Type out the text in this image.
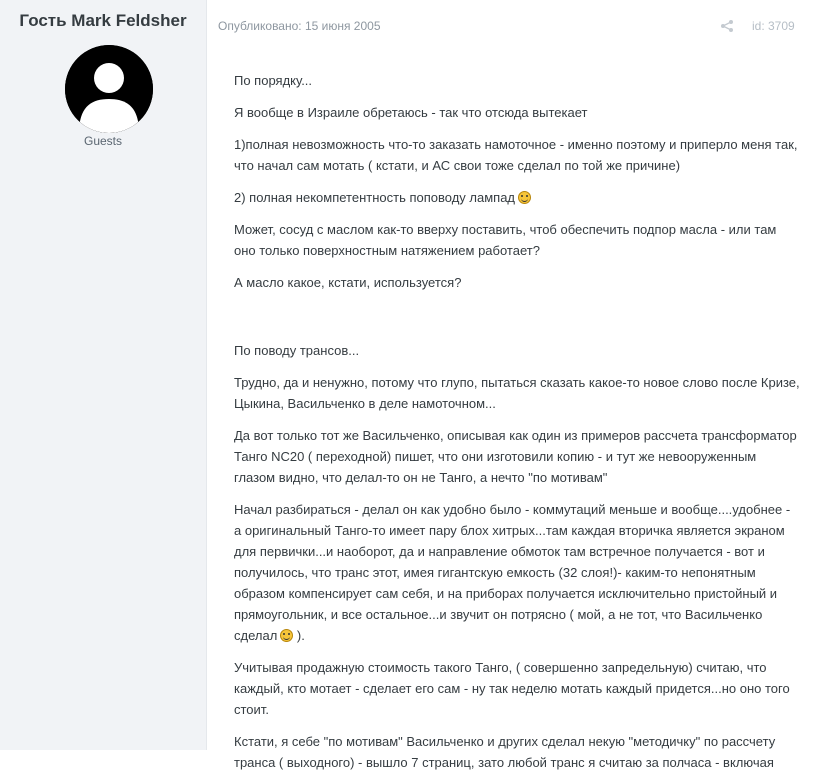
Гость Mark Feldsher
Guests
Опубликовано: 15 июня 2005	id: 3709

По порядку...

Я вообще в Израиле обретаюсь - так что отсюда вытекает

1)полная невозможность что-то заказать намоточное - именно поэтому и приперло меня так, что начал сам мотать ( кстати, и АС свои тоже сделал по той же причине)

2) полная некомпетентность поповоду лампад

Может, сосуд с маслом как-то вверху поставить, чтоб обеспечить подпор масла - или там оно только поверхностным натяжением работает?

А масло какое, кстати, используется?

По поводу трансов...

Трудно, да и ненужно, потому что глупо, пытаться сказать какое-то новое слово после Кризе, Цыкина, Васильченко в деле намоточном...

Да вот только тот же Васильченко, описывая как один из примеров рассчета трансформатор Танго NC20 ( переходной) пишет, что они изготовили копию - и тут же невооруженным глазом видно, что делал-то он не Танго, а нечто "по мотивам"

Начал разбираться - делал он как удобно было - коммутаций меньше и вообще....удобнее - а оригинальный Танго-то имеет пару блох хитрых...там каждая вторичка является экраном для первички...и наоборот, да и направление обмоток там встречное получается - вот и получилось, что транс этот, имея гигантскую емкость (32 слоя!)- каким-то непонятным образом компенсирует сам себя, и на приборах получается исключительно пристойный и прямоугольник, и все остальное...и звучит он потрясно ( мой, а не тот, что Васильченко сделал ).

Учитывая продажную стоимость такого Танго, ( совершенно запредельную) считаю, что каждый, кто мотает - сделает его сам - ну так неделю мотать каждый придется...но оно того стоит.

Кстати, я себе "по мотивам" Васильченко и других сделал некую "методичку" по рассчету транса ( выходного) - вышло 7 страниц, зато любой транс я считаю за полчаса - включая
